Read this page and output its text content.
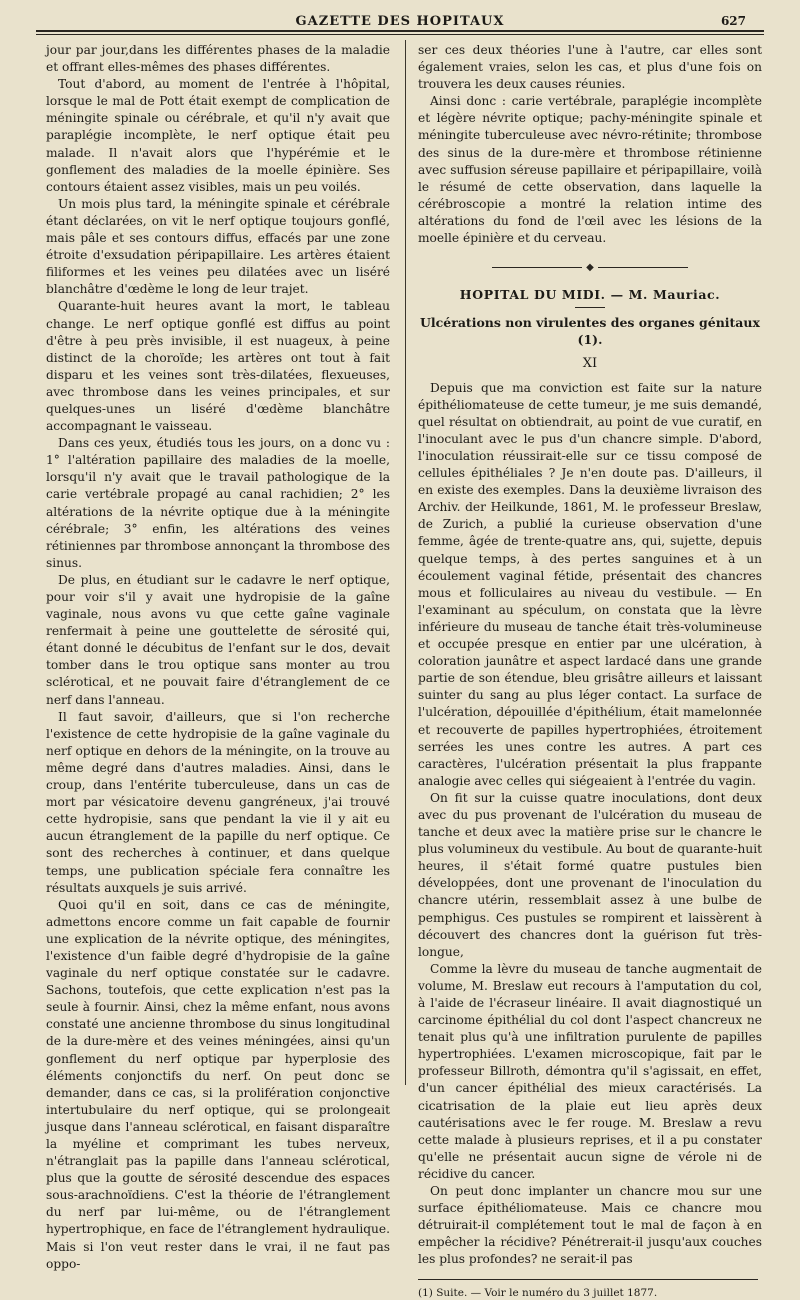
GAZETTE DES HOPITAUX	627

jour par jour,dans les différentes phases de la maladie et offrant elles-mêmes des phases différentes.

Tout d'abord, au moment de l'entrée à l'hôpital, lorsque le mal de Pott était exempt de complication de méningite spinale ou cérébrale, et qu'il n'y avait que paraplégie incomplète, le nerf optique était peu malade. Il n'avait alors que l'hypérémie et le gonflement des maladies de la moelle épinière. Ses contours étaient assez visibles, mais un peu voilés.

Un mois plus tard, la méningite spinale et cérébrale étant déclarées, on vit le nerf optique toujours gonflé, mais pâle et ses contours diffus, effacés par une zone étroite d'exsudation péripapillaire. Les artères étaient filiformes et les veines peu dilatées avec un liséré blanchâtre d'œdème le long de leur trajet.

Quarante-huit heures avant la mort, le tableau change. Le nerf optique gonflé est diffus au point d'être à peu près invisible, il est nuageux, à peine distinct de la choroïde; les artères ont tout à fait disparu et les veines sont très-dilatées, flexueuses, avec thrombose dans les veines principales, et sur quelques-unes un liséré d'œdème blanchâtre accompagnant le vaisseau.

Dans ces yeux, étudiés tous les jours, on a donc vu : 1° l'altération papillaire des maladies de la moelle, lorsqu'il n'y avait que le travail pathologique de la carie vertébrale propagé au canal rachidien; 2° les altérations de la névrite optique due à la méningite cérébrale; 3° enfin, les altérations des veines rétiniennes par thrombose annonçant la thrombose des sinus.

De plus, en étudiant sur le cadavre le nerf optique, pour voir s'il y avait une hydropisie de la gaîne vaginale, nous avons vu que cette gaîne vaginale renfermait à peine une gouttelette de sérosité qui, étant donné le décubitus de l'enfant sur le dos, devait tomber dans le trou optique sans monter au trou sclérotical, et ne pouvait faire d'étranglement de ce nerf dans l'anneau.

Il faut savoir, d'ailleurs, que si l'on recherche l'existence de cette hydropisie de la gaîne vaginale du nerf optique en dehors de la méningite, on la trouve au même degré dans d'autres maladies. Ainsi, dans le croup, dans l'entérite tuberculeuse, dans un cas de mort par vésicatoire devenu gangréneux, j'ai trouvé cette hydropisie, sans que pendant la vie il y ait eu aucun étranglement de la papille du nerf optique. Ce sont des recherches à continuer, et dans quelque temps, une publication spéciale fera connaître les résultats auxquels je suis arrivé.

Quoi qu'il en soit, dans ce cas de méningite, admettons encore comme un fait capable de fournir une explication de la névrite optique, des méningites, l'existence d'un faible degré d'hydropisie de la gaîne vaginale du nerf optique constatée sur le cadavre. Sachons, toutefois, que cette explication n'est pas la seule à fournir. Ainsi, chez la même enfant, nous avons constaté une ancienne thrombose du sinus longitudinal de la dure-mère et des veines méningées, ainsi qu'un gonflement du nerf optique par hyperplosie des éléments conjonctifs du nerf. On peut donc se demander, dans ce cas, si la prolifération conjonctive intertubulaire du nerf optique, qui se prolongeait jusque dans l'anneau sclérotical, en faisant disparaître la myéline et comprimant les tubes nerveux, n'étranglait pas la papille dans l'anneau sclérotical, plus que la goutte de sérosité descendue des espaces sous-arachnoïdiens. C'est la théorie de l'étranglement du nerf par lui-même, ou de l'étranglement hypertrophique, en face de l'étranglement hydraulique. Mais si l'on veut rester dans le vrai, il ne faut pas oppo-

ser ces deux théories l'une à l'autre, car elles sont également vraies, selon les cas, et plus d'une fois on trouvera les deux causes réunies.

Ainsi donc : carie vertébrale, paraplégie incomplète et légère névrite optique; pachy-méningite spinale et méningite tuberculeuse avec névro-rétinite; thrombose des sinus de la dure-mère et thrombose rétinienne avec suffusion séreuse papillaire et péripapillaire, voilà le résumé de cette observation, dans laquelle la cérébroscopie a montré la relation intime des altérations du fond de l'œil avec les lésions de la moelle épinière et du cerveau.

◆
HOPITAL DU MIDI. — M. Mauriac.
Ulcérations non virulentes des organes génitaux (1).
XI

Depuis que ma conviction est faite sur la nature épithéliomateuse de cette tumeur, je me suis demandé, quel résultat on obtiendrait, au point de vue curatif, en l'inoculant avec le pus d'un chancre simple. D'abord, l'inoculation réussirait-elle sur ce tissu composé de cellules épithéliales ? Je n'en doute pas. D'ailleurs, il en existe des exemples. Dans la deuxième livraison des Archiv. der Heilkunde, 1861, M. le professeur Breslaw, de Zurich, a publié la curieuse observation d'une femme, âgée de trente-quatre ans, qui, sujette, depuis quelque temps, à des pertes sanguines et à un écoulement vaginal fétide, présentait des chancres mous et folliculaires au niveau du vestibule. — En l'examinant au spéculum, on constata que la lèvre inférieure du museau de tanche était très-volumineuse et occupée presque en entier par une ulcération, à coloration jaunâtre et aspect lardacé dans une grande partie de son étendue, bleu grisâtre ailleurs et laissant suinter du sang au plus léger contact. La surface de l'ulcération, dépouillée d'épithélium, était mamelonnée et recouverte de papilles hypertrophiées, étroitement serrées les unes contre les autres. A part ces caractères, l'ulcération présentait la plus frappante analogie avec celles qui siégeaient à l'entrée du vagin.

On fit sur la cuisse quatre inoculations, dont deux avec du pus provenant de l'ulcération du museau de tanche et deux avec la matière prise sur le chancre le plus volumineux du vestibule. Au bout de quarante-huit heures, il s'était formé quatre pustules bien développées, dont une provenant de l'inoculation du chancre utérin, ressemblait assez à une bulbe de pemphigus. Ces pustules se rompirent et laissèrent à découvert des chancres dont la guérison fut très-longue,

Comme la lèvre du museau de tanche augmentait de volume, M. Breslaw eut recours à l'amputation du col, à l'aide de l'écraseur linéaire. Il avait diagnostiqué un carcinome épithélial du col dont l'aspect chancreux ne tenait plus qu'à une infiltration purulente de papilles hypertrophiées. L'examen microscopique, fait par le professeur Billroth, démontra qu'il s'agissait, en effet, d'un cancer épithélial des mieux caractérisés. La cicatrisation de la plaie eut lieu après deux cautérisations avec le fer rouge. M. Breslaw a revu cette malade à plusieurs reprises, et il a pu constater qu'elle ne présentait aucun signe de vérole ni de récidive du cancer.

On peut donc implanter un chancre mou sur une surface épithéliomateuse. Mais ce chancre mou détruirait-il complétement tout le mal de façon à en empêcher la récidive? Pénétrerait-il jusqu'aux couches les plus profondes? ne serait-il pas

(1) Suite. — Voir le numéro du 3 juillet 1877.
